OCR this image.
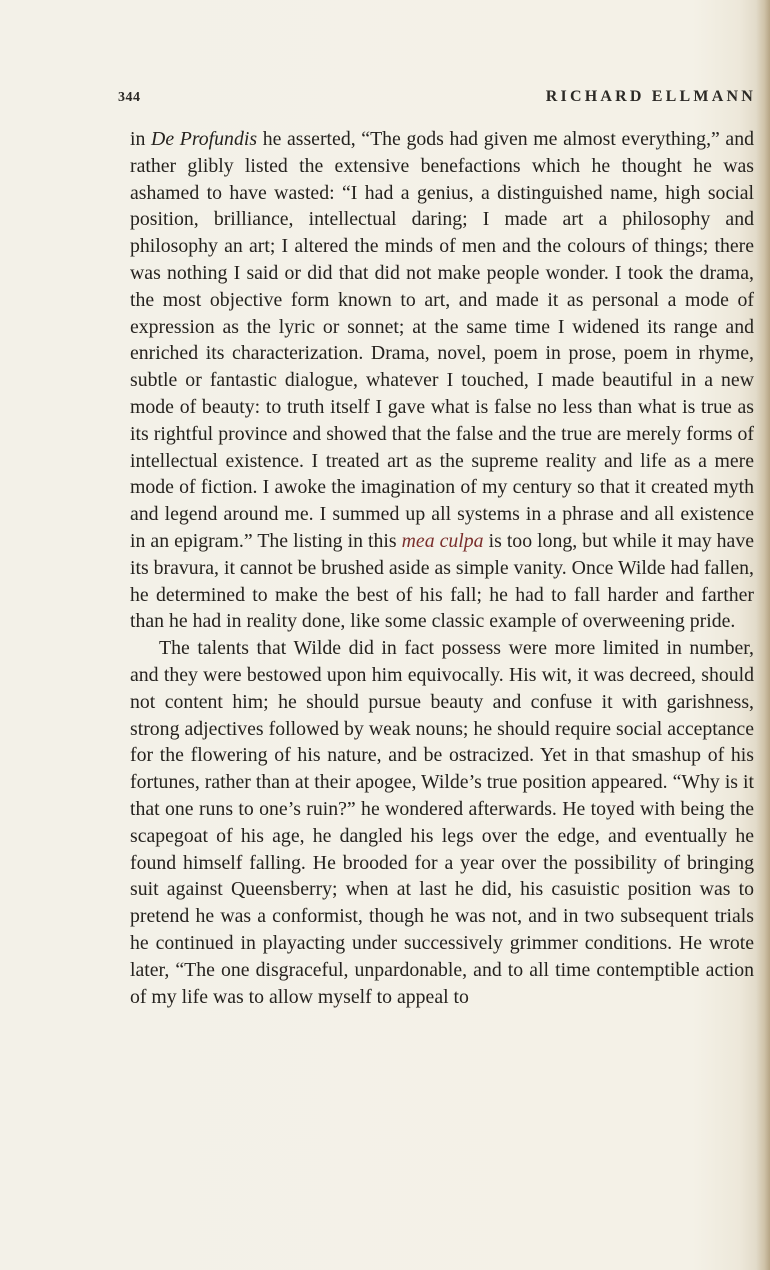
344	RICHARD ELLMANN

in De Profundis he asserted, “The gods had given me almost everything,” and rather glibly listed the extensive benefactions which he thought he was ashamed to have wasted: “I had a genius, a distinguished name, high social position, brilliance, intellectual daring; I made art a philosophy and philosophy an art; I altered the minds of men and the colours of things; there was nothing I said or did that did not make people wonder. I took the drama, the most objective form known to art, and made it as personal a mode of expression as the lyric or sonnet; at the same time I widened its range and enriched its characterization. Drama, novel, poem in prose, poem in rhyme, subtle or fantastic dialogue, whatever I touched, I made beautiful in a new mode of beauty: to truth itself I gave what is false no less than what is true as its rightful province and showed that the false and the true are merely forms of intellectual existence. I treated art as the supreme reality and life as a mere mode of fiction. I awoke the imagination of my century so that it created myth and legend around me. I summed up all systems in a phrase and all existence in an epigram.” The listing in this mea culpa is too long, but while it may have its bravura, it cannot be brushed aside as simple vanity. Once Wilde had fallen, he determined to make the best of his fall; he had to fall harder and farther than he had in reality done, like some classic example of overweening pride.

The talents that Wilde did in fact possess were more limited in number, and they were bestowed upon him equivocally. His wit, it was decreed, should not content him; he should pursue beauty and confuse it with garishness, strong adjectives followed by weak nouns; he should require social acceptance for the flowering of his nature, and be ostracized. Yet in that smashup of his fortunes, rather than at their apogee, Wilde’s true position appeared. “Why is it that one runs to one’s ruin?” he wondered afterwards. He toyed with being the scapegoat of his age, he dangled his legs over the edge, and eventually he found himself falling. He brooded for a year over the possibility of bringing suit against Queensberry; when at last he did, his casuistic position was to pretend he was a conformist, though he was not, and in two subsequent trials he continued in playacting under successively grimmer conditions. He wrote later, “The one disgraceful, unpardonable, and to all time contemptible action of my life was to allow myself to appeal to
